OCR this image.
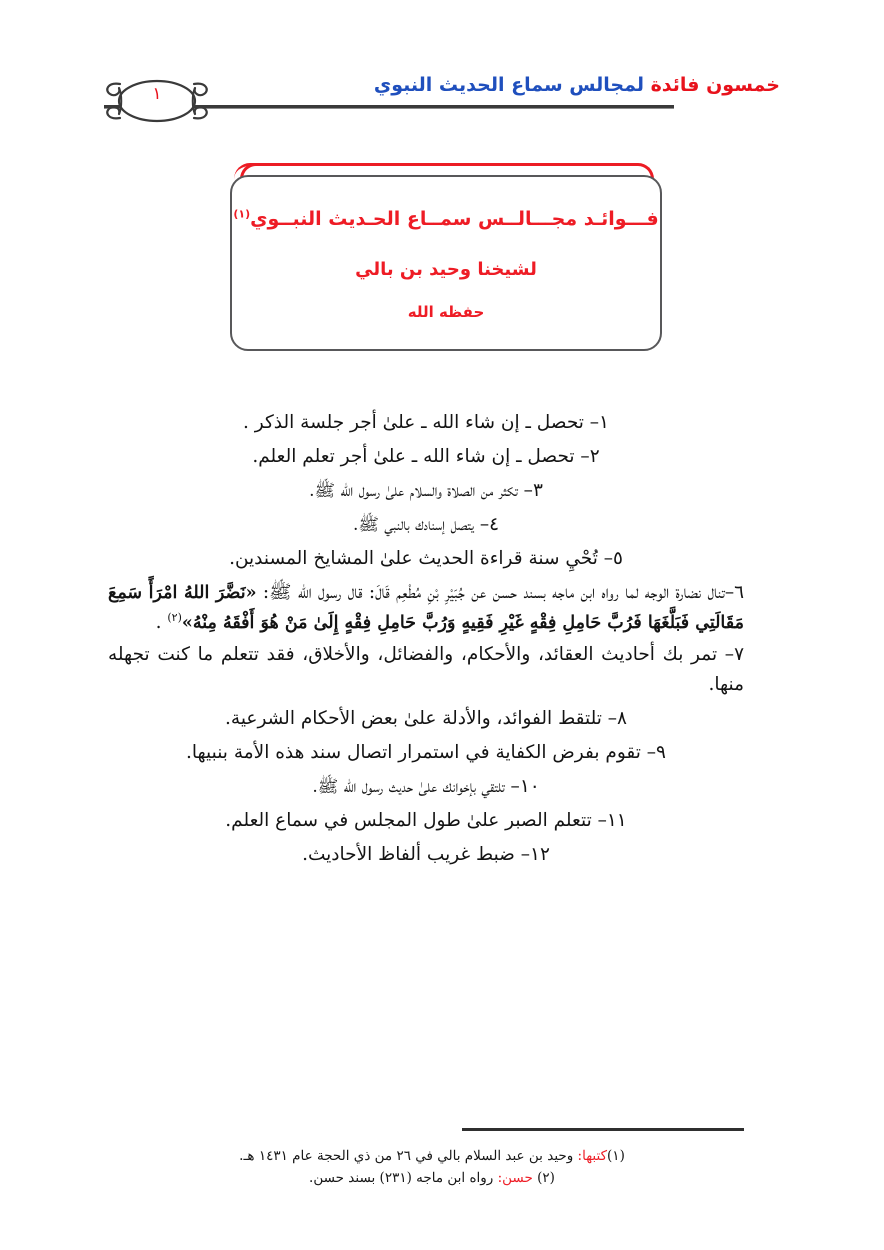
خمسون فائدة لمجالس سماع الحديث النبوي
١
فـــوائـد مجـــالــس سمــاع الحـديث النبــوي$^{(١)}$
لشيخنا وحيد بن بالي
حفظه الله
١– تحصل ـ إن شاء الله ـ علىٰ أجر جلسة الذكر .
٢– تحصل ـ إن شاء الله ـ علىٰ أجر تعلم العلم.
٣– تكثر من الصلاة والسلام علىٰ رسول الله ﷺ.
٤– يتصل إسنادك بالنبي ﷺ.
٥– تُحْيِ سنة قراءة الحديث علىٰ المشايخ المسندين.
٦–تنال نضارة الوجه لما رواه ابن ماجه بسند حسن عن جُبَيْرِ بْنِ مُطْعِم قَالَ: قال رسول الله ﷺ: «نَضَّرَ اللهُ امْرَأً سَمِعَ مَقَالَتِي فَبَلَّغَهَا فَرُبَّ حَامِلِ فِقْهٍ غَيْرِ فَقِيهٍ وَرُبَّ حَامِلِ فِقْهٍ إِلَىٰ مَنْ هُوَ أَفْقَهُ مِنْهُ»$^{(٢)}$ .
٧– تمر بك أحاديث العقائد، والأحكام، والفضائل، والأخلاق، فقد تتعلم ما كنت تجهله منها.
٨– تلتقط الفوائد، والأدلة علىٰ بعض الأحكام الشرعية.
٩– تقوم بفرض الكفاية في استمرار اتصال سند هذه الأمة بنبيها.
١٠– تلتقي بإخوانك علىٰ حديث رسول الله ﷺ.
١١– تتعلم الصبر علىٰ طول المجلس في سماع العلم.
١٢– ضبط غريب ألفاظ الأحاديث.
(١)كتبها: وحيد بن عبد السلام بالي في ٢٦ من ذي الحجة عام ١٤٣١ هـ.
(٢) حسن: رواه ابن ماجه (٢٣١) بسند حسن.
